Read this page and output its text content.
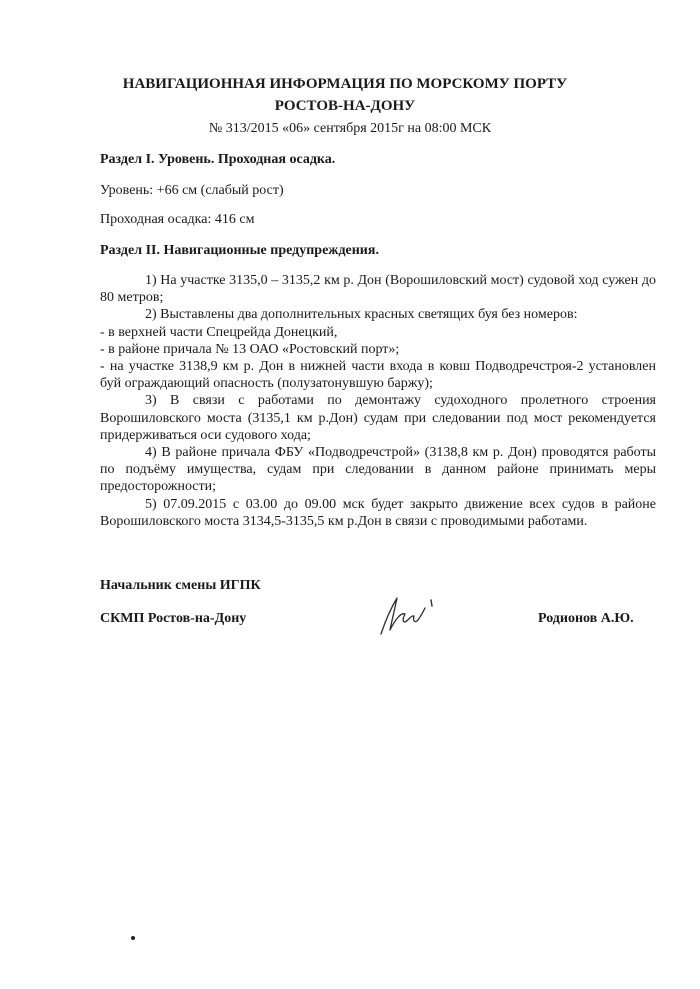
НАВИГАЦИОННАЯ ИНФОРМАЦИЯ ПО МОРСКОМУ ПОРТУ РОСТОВ-НА-ДОНУ
№ 313/2015 «06» сентября 2015г на 08:00 МСК
Раздел I. Уровень. Проходная осадка.
Уровень: +66 см (слабый рост)
Проходная осадка: 416 см
Раздел II. Навигационные предупреждения.

1) На участке 3135,0 – 3135,2 км р. Дон (Ворошиловский мост) судовой ход сужен до 80 метров;

2) Выставлены два дополнительных красных светящих буя без номеров:

- в верхней части Спецрейда Донецкий,

- в районе причала № 13 ОАО «Ростовский порт»;

- на участке 3138,9 км р. Дон в нижней части входа в ковш Подводречстроя-2 установлен буй ограждающий опасность (полузатонувшую баржу);

3) В связи с работами по демонтажу судоходного пролетного строения Ворошиловского моста (3135,1 км р.Дон) судам при следовании под мост рекомендуется придерживаться оси судового хода;

4) В районе причала ФБУ «Подводречстрой» (3138,8 км р. Дон) проводятся работы по подъёму имущества, судам при следовании в данном районе принимать меры предосторожности;

5) 07.09.2015 с 03.00 до 09.00 мск будет закрыто движение всех судов в районе Ворошиловского моста 3134,5-3135,5 км р.Дон в связи с проводимыми работами.

Начальник смены ИГПК
СКМП Ростов-на-Дону	Родионов А.Ю.
